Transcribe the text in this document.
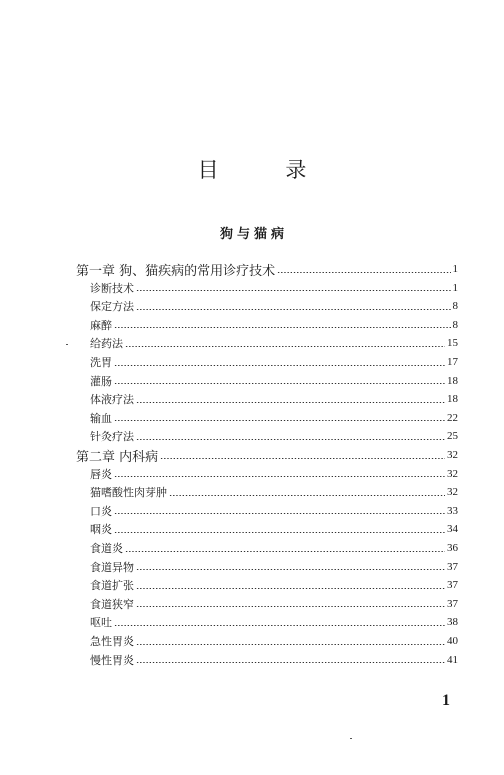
目 录
狗与猫病
第一章 狗、猫疾病的常用诊疗技术	1
诊断技术	1
保定方法	8
麻醉	8
给药法	15
洗胃	17
灌肠	18
体液疗法	18
输血	22
针灸疗法	25
第二章 内科病	32
唇炎	32
猫嗜酸性肉芽肿	32
口炎	33
咽炎	34
食道炎	36
食道异物	37
食道扩张	37
食道狭窄	37
呕吐	38
急性胃炎	40
慢性胃炎	41
1
